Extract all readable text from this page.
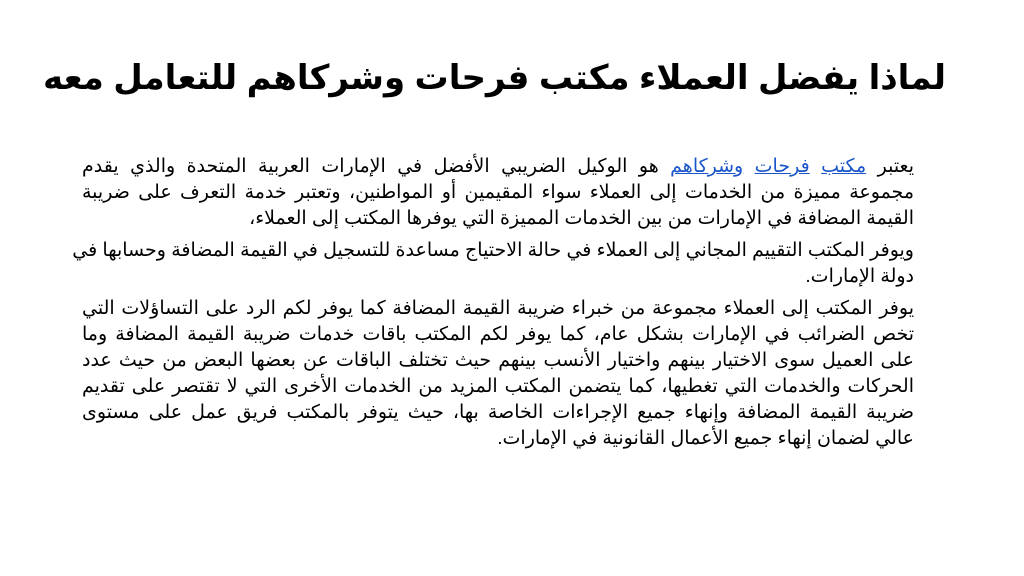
لماذا يفضل العملاء مكتب فرحات وشركاهم للتعامل معه
يعتبر مكتب فرحات وشركاهم هو الوكيل الضريبي الأفضل في الإمارات العربية المتحدة والذي يقدم
مجموعة مميزة من الخدمات إلى العملاء سواء المقيمين أو المواطنين، وتعتبر خدمة التعرف على ضريبة
القيمة المضافة في الإمارات من بين الخدمات المميزة التي يوفرها المكتب إلى العملاء،
ويوفر المكتب التقييم المجاني إلى العملاء في حالة الاحتياج مساعدة للتسجيل في القيمة المضافة وحسابها في
دولة الإمارات.
يوفر المكتب إلى العملاء مجموعة من خبراء ضريبة القيمة المضافة كما يوفر لكم الرد على التساؤلات التي
تخص الضرائب في الإمارات بشكل عام، كما يوفر لكم المكتب باقات خدمات ضريبة القيمة المضافة وما
على العميل سوى الاختيار بينهم واختيار الأنسب بينهم حيث تختلف الباقات عن بعضها البعض من حيث عدد
الحركات والخدمات التي تغطيها، كما يتضمن المكتب المزيد من الخدمات الأخرى التي لا تقتصر على تقديم
ضريبة القيمة المضافة وإنهاء جميع الإجراءات الخاصة بها، حيث يتوفر بالمكتب فريق عمل على مستوى
عالي لضمان إنهاء جميع الأعمال القانونية في الإمارات.
